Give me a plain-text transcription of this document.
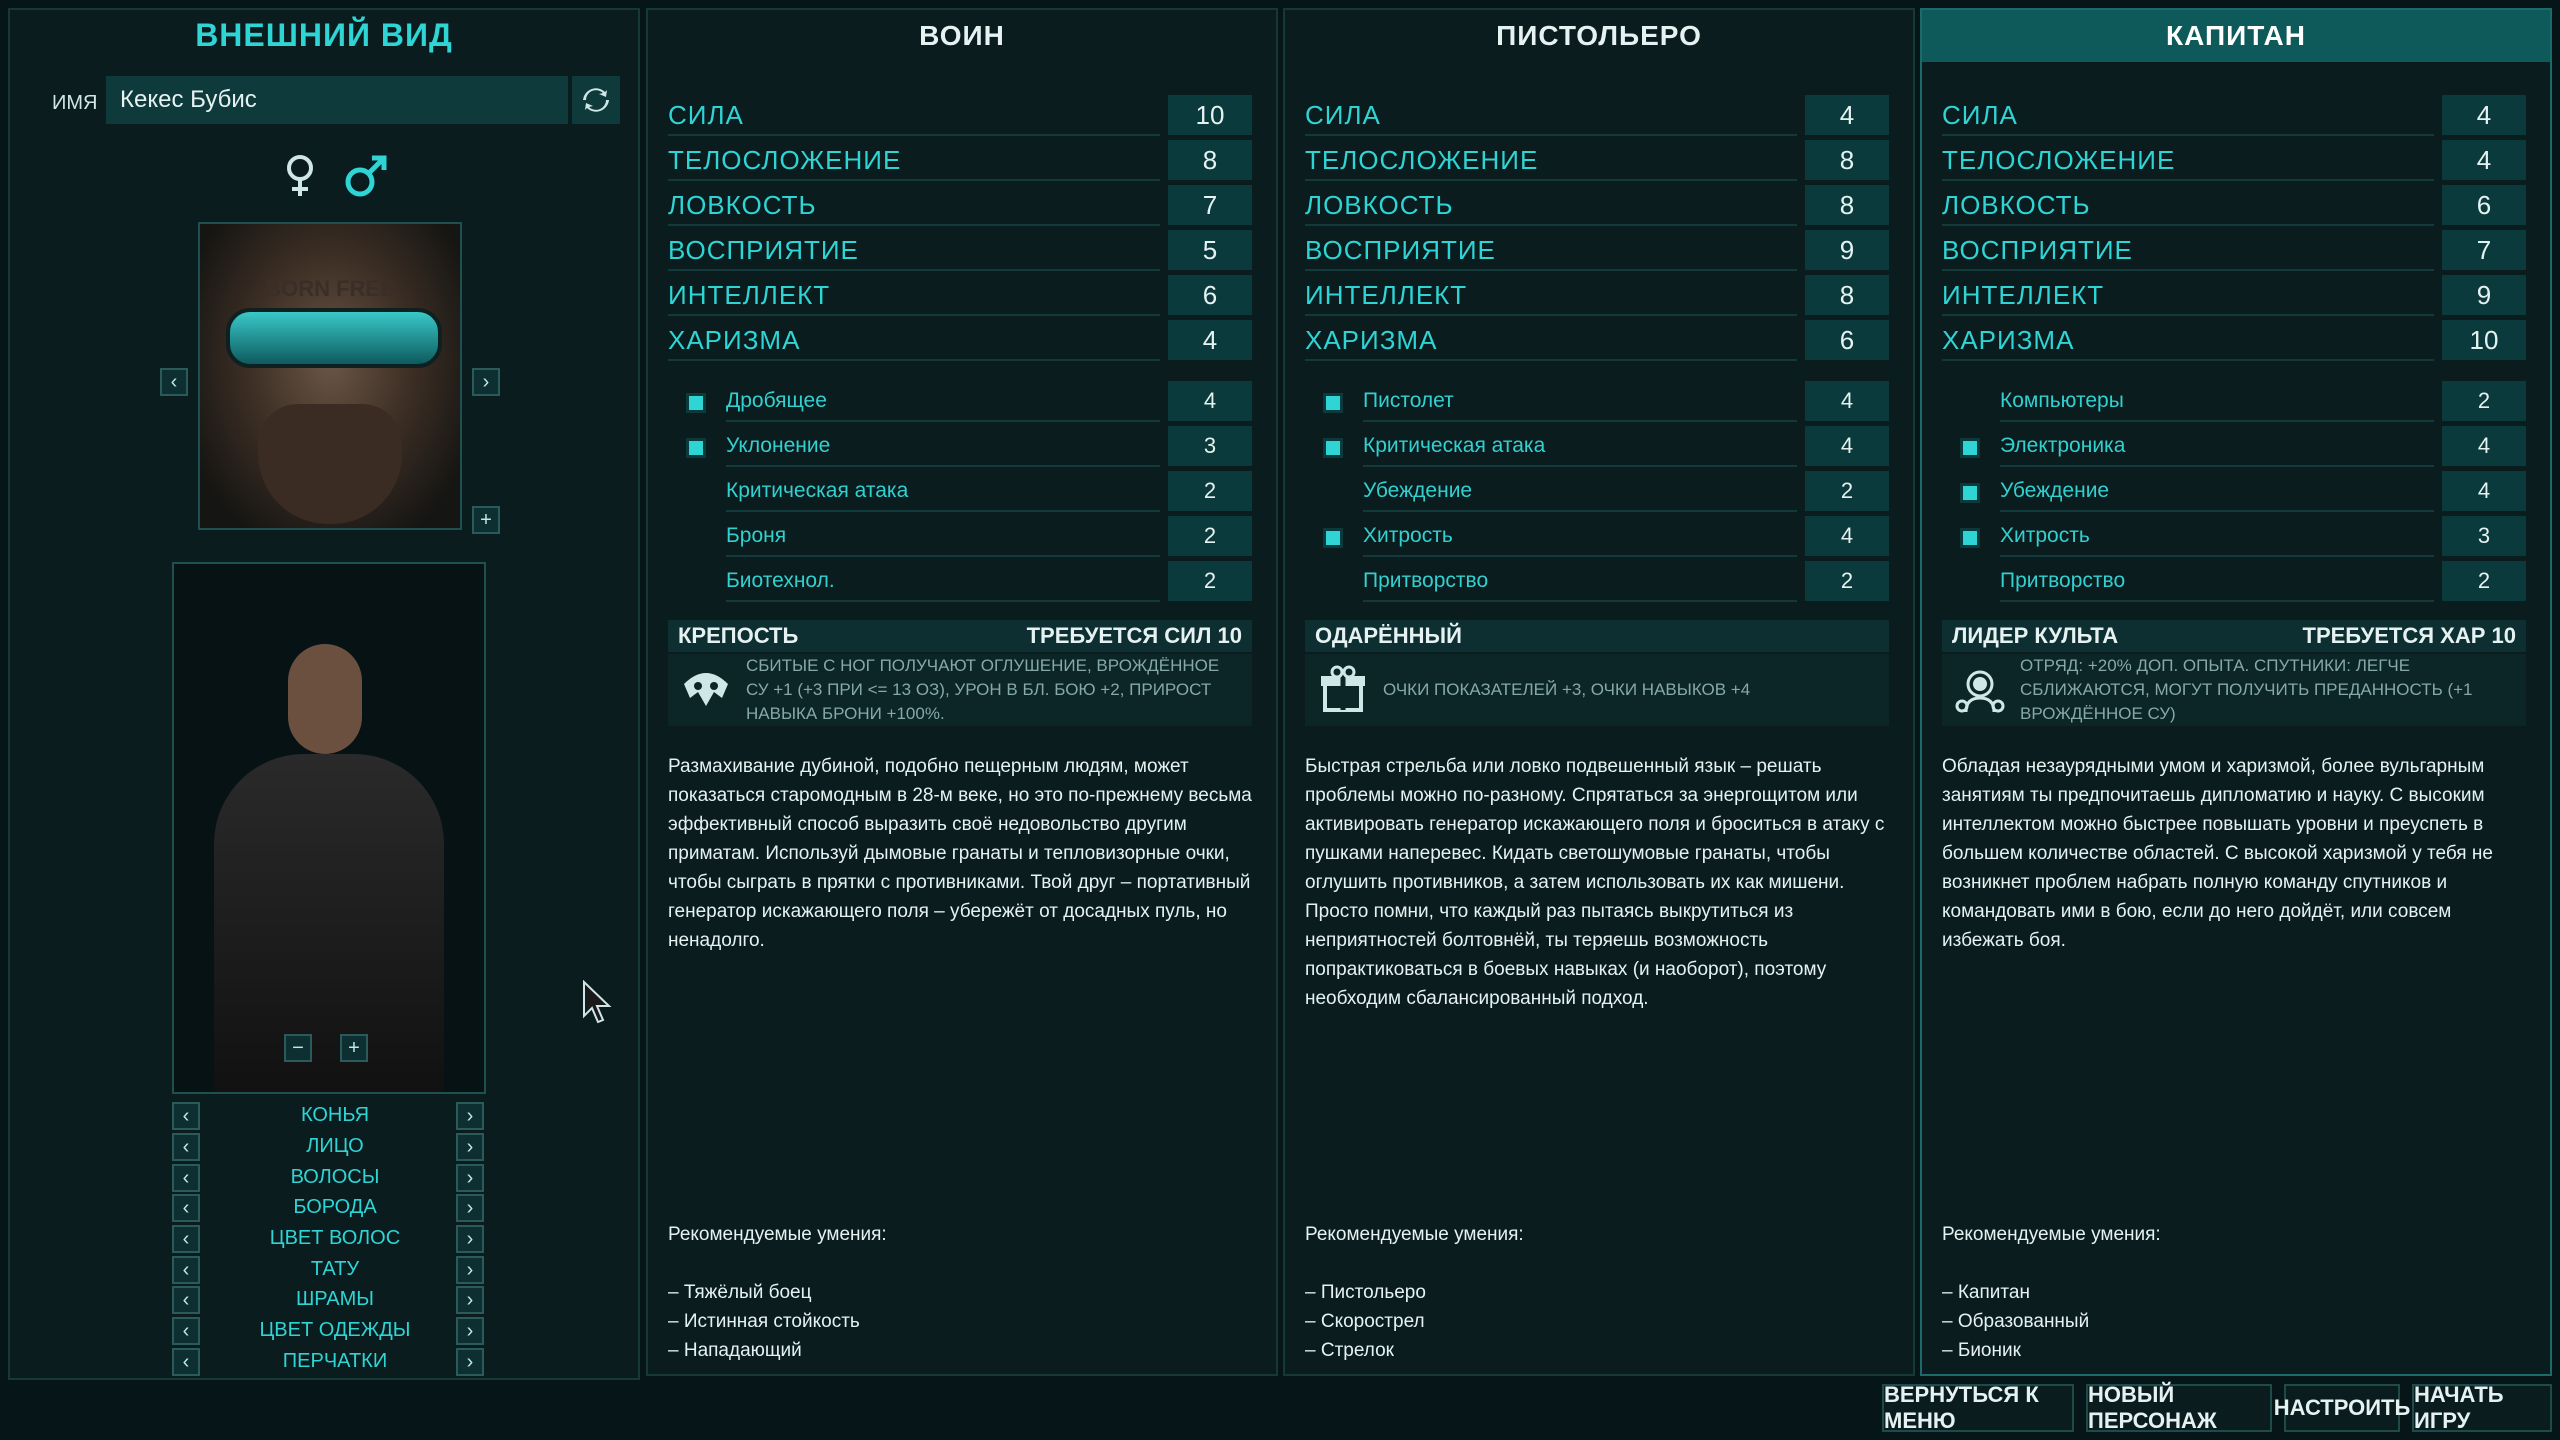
ВНЕШНИЙ ВИД
ИМЯ Кекес Бубис
BORN FREE
‹	›
+
−	+
‹	КОНЬЯ	›
‹	ЛИЦО	›
‹	ВОЛОСЫ	›
‹	БОРОДА	›
‹	ЦВЕТ ВОЛОС	›
‹	ТАТУ	›
‹	ШРАМЫ	›
‹	ЦВЕТ ОДЕЖДЫ	›
‹	ПЕРЧАТКИ	›
ВОИН
СИЛА	10
ТЕЛОСЛОЖЕНИЕ	8
ЛОВКОСТЬ	7
ВОСПРИЯТИЕ	5
ИНТЕЛЛЕКТ	6
ХАРИЗМА	4
Дробящее	4
Уклонение	3
Критическая атака	2
Броня	2
Биотехнол.	2
КРЕПОСТЬ	ТРЕБУЕТСЯ СИЛ 10
СБИТЫЕ С НОГ ПОЛУЧАЮТ ОГЛУШЕНИЕ, ВРОЖДЁННОЕ СУ +1 (+3 ПРИ <= 13 ОЗ), УРОН В БЛ. БОЮ +2, ПРИРОСТ НАВЫКА БРОНИ +100%.
Размахивание дубиной, подобно пещерным людям, может
показаться старомодным в 28-м веке, но это по-прежнему весьма
эффективный способ выразить своё недовольство другим
приматам. Используй дымовые гранаты и тепловизорные очки,
чтобы сыграть в прятки с противниками. Твой друг – портативный
генератор искажающего поля – убережёт от досадных пуль, но
ненадолго.
Рекомендуемые умения:

– Тяжёлый боец
– Истинная стойкость
– Нападающий
ПИСТОЛЬЕРО
СИЛА	4
ТЕЛОСЛОЖЕНИЕ	8
ЛОВКОСТЬ	8
ВОСПРИЯТИЕ	9
ИНТЕЛЛЕКТ	8
ХАРИЗМА	6
Пистолет	4
Критическая атака	4
Убеждение	2
Хитрость	4
Притворство	2
ОДАРЁННЫЙ
ОЧКИ ПОКАЗАТЕЛЕЙ +3, ОЧКИ НАВЫКОВ +4
Быстрая стрельба или ловко подвешенный язык – решать
проблемы можно по-разному. Спрятаться за энергощитом или
активировать генератор искажающего поля и броситься в атаку с
пушками наперевес. Кидать светошумовые гранаты, чтобы
оглушить противников, а затем использовать их как мишени.
Просто помни, что каждый раз пытаясь выкрутиться из
неприятностей болтовнёй, ты теряешь возможность
попрактиковаться в боевых навыках (и наоборот), поэтому
необходим сбалансированный подход.
Рекомендуемые умения:

– Пистольеро
– Скорострел
– Стрелок
КАПИТАН
СИЛА	4
ТЕЛОСЛОЖЕНИЕ	4
ЛОВКОСТЬ	6
ВОСПРИЯТИЕ	7
ИНТЕЛЛЕКТ	9
ХАРИЗМА	10
Компьютеры	2
Электроника	4
Убеждение	4
Хитрость	3
Притворство	2
ЛИДЕР КУЛЬТА	ТРЕБУЕТСЯ ХАР 10
ОТРЯД: +20% ДОП. ОПЫТА. СПУТНИКИ: ЛЕГЧЕ СБЛИЖАЮТСЯ, МОГУТ ПОЛУЧИТЬ ПРЕДАННОСТЬ (+1 ВРОЖДЁННОЕ СУ)
Обладая незаурядными умом и харизмой, более вульгарным
занятиям ты предпочитаешь дипломатию и науку. С высоким
интеллектом можно быстрее повышать уровни и преуспеть в
большем количестве областей. С высокой харизмой у тебя не
возникнет проблем набрать полную команду спутников и
командовать ими в бою, если до него дойдёт, или совсем
избежать боя.
Рекомендуемые умения:

– Капитан
– Образованный
– Бионик
ВЕРНУТЬСЯ К МЕНЮ
НОВЫЙ ПЕРСОНАЖ
НАСТРОИТЬ
НАЧАТЬ ИГРУ
